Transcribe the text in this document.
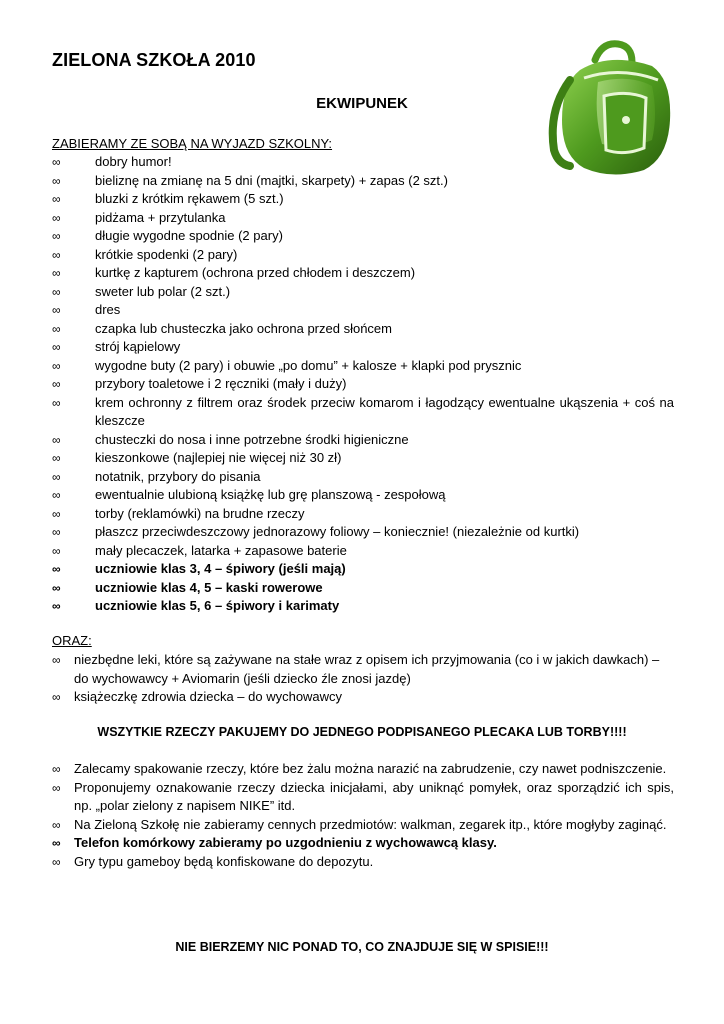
ZIELONA SZKOŁA 2010
EKWIPUNEK
ZABIERAMY ZE SOBĄ NA WYJAZD SZKOLNY:
∞	dobry humor!
∞	bieliznę na zmianę na 5 dni (majtki, skarpety) + zapas (2 szt.)
∞	bluzki z krótkim rękawem (5 szt.)
∞	pidżama + przytulanka
∞	długie wygodne spodnie (2 pary)
∞	krótkie spodenki (2 pary)
∞	kurtkę z kapturem (ochrona przed chłodem i deszczem)
∞	sweter lub polar (2 szt.)
∞	dres
∞	czapka lub chusteczka jako ochrona przed słońcem
∞	strój kąpielowy
∞	wygodne buty (2 pary) i obuwie „po domu” + kalosze + klapki pod prysznic
∞	przybory toaletowe i 2 ręczniki (mały i duży)
∞	krem ochronny z filtrem oraz środek przeciw komarom i łagodzący ewentualne ukąszenia + coś na kleszcze
∞	chusteczki do nosa i inne potrzebne środki higieniczne
∞	kieszonkowe (najlepiej nie więcej niż 30 zł)
∞	notatnik, przybory do pisania
∞	ewentualnie ulubioną książkę lub grę planszową - zespołową
∞	torby (reklamówki) na brudne rzeczy
∞	płaszcz przeciwdeszczowy jednorazowy foliowy – koniecznie! (niezależnie od kurtki)
∞	mały plecaczek, latarka + zapasowe baterie
∞	uczniowie klas 3, 4 – śpiwory (jeśli mają)
∞	uczniowie klas 4, 5 – kaski rowerowe
∞	uczniowie klas 5, 6 – śpiwory i karimaty
ORAZ:
∞ niezbędne leki, które są zażywane na stałe wraz z opisem ich przyjmowania (co i w jakich dawkach) – do wychowawcy + Aviomarin (jeśli dziecko źle znosi jazdę)
∞ książeczkę zdrowia dziecka – do wychowawcy
WSZYTKIE RZECZY PAKUJEMY DO JEDNEGO PODPISANEGO PLECAKA LUB TORBY!!!!
∞ Zalecamy spakowanie rzeczy, które bez żalu można narazić na zabrudzenie, czy nawet podniszczenie.
∞ Proponujemy oznakowanie rzeczy dziecka inicjałami, aby uniknąć pomyłek, oraz sporządzić ich spis, np. „polar zielony z napisem NIKE” itd.
∞ Na Zieloną Szkołę nie zabieramy cennych przedmiotów: walkman, zegarek itp., które mogłyby zaginąć.
∞ Telefon komórkowy zabieramy po uzgodnieniu z wychowawcą klasy.
∞ Gry typu gameboy będą konfiskowane do depozytu.
NIE BIERZEMY NIC PONAD TO, CO ZNAJDUJE SIĘ W SPISIE!!!
